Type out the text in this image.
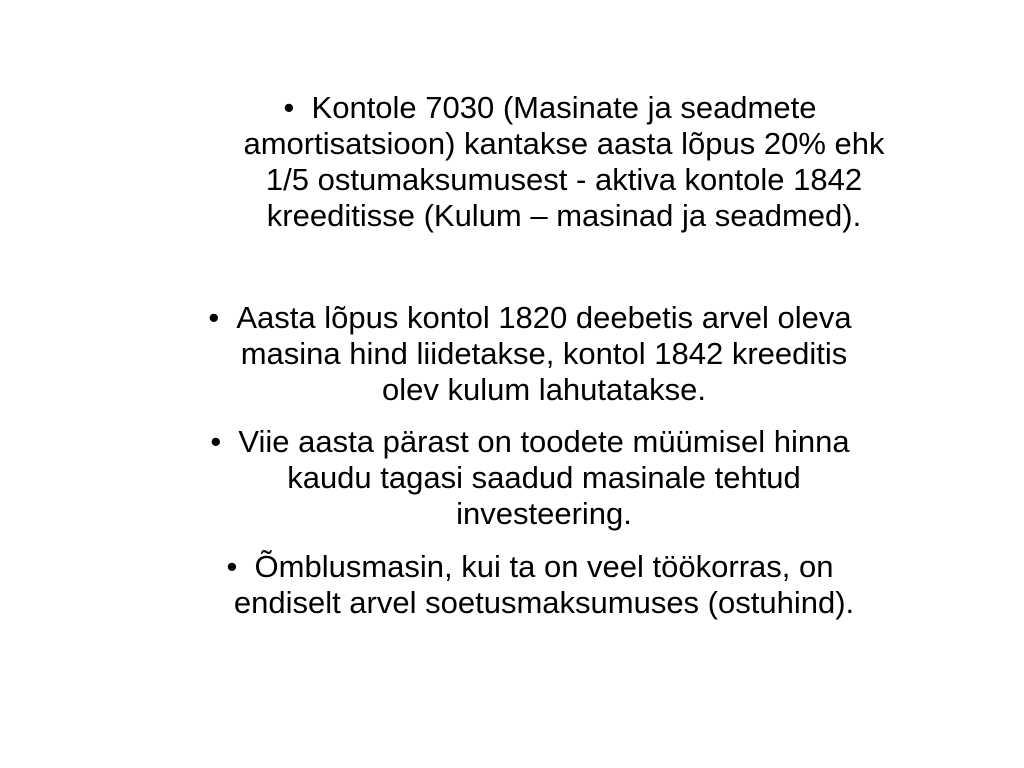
• Kontole 7030 (Masinate ja seadmete
amortisatsioon) kantakse aasta lõpus 20% ehk
1/5 ostumaksumusest - aktiva kontole 1842
kreeditisse (Kulum – masinad ja seadmed).
• Aasta lõpus kontol 1820 deebetis arvel oleva
masina hind liidetakse, kontol 1842 kreeditis
olev kulum lahutatakse.
• Viie aasta pärast on toodete müümisel hinna
kaudu tagasi saadud masinale tehtud
investeering.
• Õmblusmasin, kui ta on veel töökorras, on
endiselt arvel soetusmaksumuses (ostuhind).
